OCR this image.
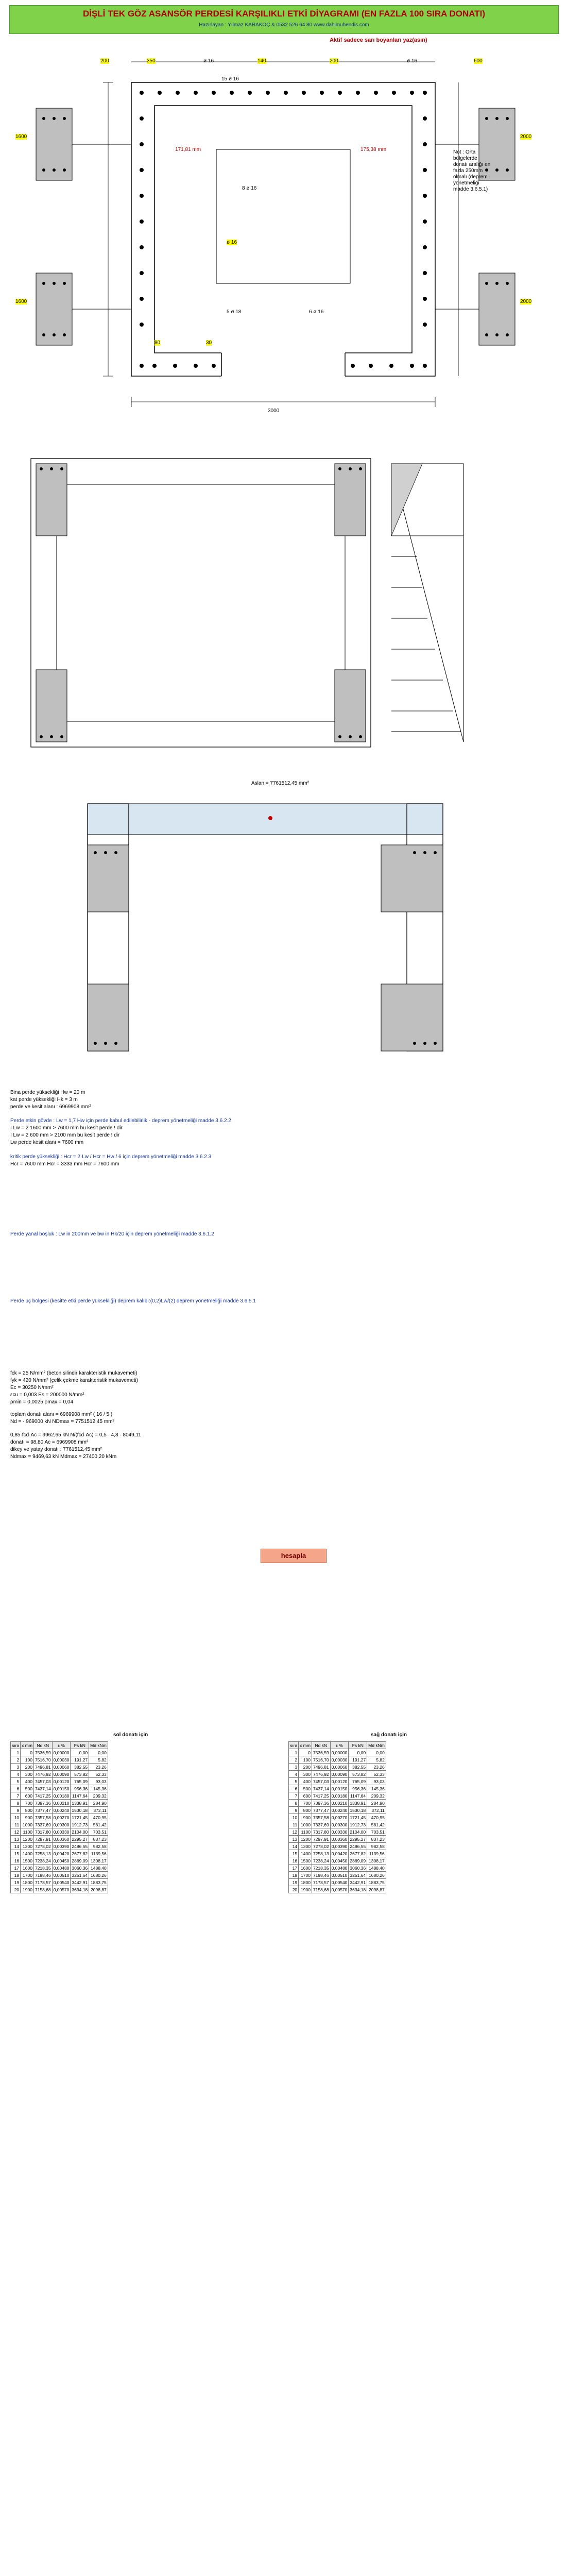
DİŞLİ TEK GÖZ ASANSÖR PERDESİ KARŞILIKLI ETKİ DİYAGRAMI (EN FAZLA 100 SIRA DONATI)
Hazırlayan : Yılmaz KARAKOÇ & 0532 526 64 80 www.dahimuhendis.com
Aktif sadece sarı boyanları yaz(asın)
200	350	ø 16	140	200	ø 16	600
15 ø 16
171,81 mm	175,38 mm
1600
1600
2000
2000
8 ø 16
ø 16
5 ø 18	6 ø 16
80	30
3000
Not : Orta
bölgelerde
donatı aralığı en
fazla 250mm
olmalı (deprem
yönetmeliği
madde 3.6.5.1)
Aslan = 7761512,45 mm²
Bina perde yüksekliği Hw = 20 m
kat perde yüksekliği Hk = 3 m
perde ve kesit alanı : 6969908 mm²
Perde etkin gövde : Lw = 1,7 Hw için perde kabul edilebilirlik - deprem yönetmeliği madde 3.6.2.2
I Lw = 2 1600 mm > 7600 mm bu kesit perde ! dir
I Lw = 2 600 mm > 2100 mm bu kesit perde ! dir
Lw perde kesit alanı = 7600 mm
kritik perde yüksekliği : Hcr = 2·Lw / Hcr = Hw / 6 için deprem yönetmeliği madde 3.6.2.3
Hcr = 7600 mm Hcr = 3333 mm Hcr = 7600 mm
Perde yanal boşluk : Lw in 200mm ve bw in Hk/20 için deprem yönetmeliği madde 3.6.1.2
Perde uç bölgesi (kesitte etki perde yüksekliği) deprem kalıbı:(0,2)Lw/(2) deprem yönetmeliği madde 3.6.5.1
fck = 25 N/mm² (beton silindir karakteristik mukavemeti)
fyk = 420 N/mm² (çelik çekme karakteristik mukavemeti)
Ec = 30250 N/mm²
εcu = 0,003 Es = 200000 N/mm²
ρmin = 0,0025 ρmax = 0,04
toplam donatı alanı = 6969908 mm² ( 16 / 5 )
Nd = - 969000 kN NDmax = 7751512,45 mm²
0,85·fcd·Ac = 9962,65 kN N/(fcd·Ac) = 0,5 · 4,8 · 8049,11
donatı = 98,80 Ac = 6969908 mm²
dikey ve yatay donatı : 7761512,45 mm²
Ndmax = 9469,63 kN Mdmax = 27400,20 kNm
hesapla
sol donatı için	sağ donatı için
sıra	x mm	Nd kN	ε %	Fs kN	Md kNm
1	0	7536,59	0,00000	0,00	0,00
2	100	7516,70	0,00030	191,27	5,82
3	200	7496,81	0,00060	382,55	23,26
4	300	7476,92	0,00090	573,82	52,33
5	400	7457,03	0,00120	765,09	93,03
6	500	7437,14	0,00150	956,36	145,36
7	600	7417,25	0,00180	1147,64	209,32
8	700	7397,36	0,00210	1338,91	284,90
9	800	7377,47	0,00240	1530,18	372,11
10	900	7357,58	0,00270	1721,45	470,95
11	1000	7337,69	0,00300	1912,73	581,42
12	1100	7317,80	0,00330	2104,00	703,51
13	1200	7297,91	0,00360	2295,27	837,23
14	1300	7278,02	0,00390	2486,55	982,58
15	1400	7258,13	0,00420	2677,82	1139,56
16	1500	7238,24	0,00450	2869,09	1308,17
17	1600	7218,35	0,00480	3060,36	1488,40
18	1700	7198,46	0,00510	3251,64	1680,26
19	1800	7178,57	0,00540	3442,91	1883,75
20	1900	7158,68	0,00570	3634,18	2098,87
sıra	x mm	Nd kN	ε %	Fs kN	Md kNm
1	0	7536,59	0,00000	0,00	0,00
2	100	7516,70	0,00030	191,27	5,82
3	200	7496,81	0,00060	382,55	23,26
4	300	7476,92	0,00090	573,82	52,33
5	400	7457,03	0,00120	765,09	93,03
6	500	7437,14	0,00150	956,36	145,36
7	600	7417,25	0,00180	1147,64	209,32
8	700	7397,36	0,00210	1338,91	284,90
9	800	7377,47	0,00240	1530,18	372,11
10	900	7357,58	0,00270	1721,45	470,95
11	1000	7337,69	0,00300	1912,73	581,42
12	1100	7317,80	0,00330	2104,00	703,51
13	1200	7297,91	0,00360	2295,27	837,23
14	1300	7278,02	0,00390	2486,55	982,58
15	1400	7258,13	0,00420	2677,82	1139,56
16	1500	7238,24	0,00450	2869,09	1308,17
17	1600	7218,35	0,00480	3060,36	1488,40
18	1700	7198,46	0,00510	3251,64	1680,26
19	1800	7178,57	0,00540	3442,91	1883,75
20	1900	7158,68	0,00570	3634,18	2098,87
